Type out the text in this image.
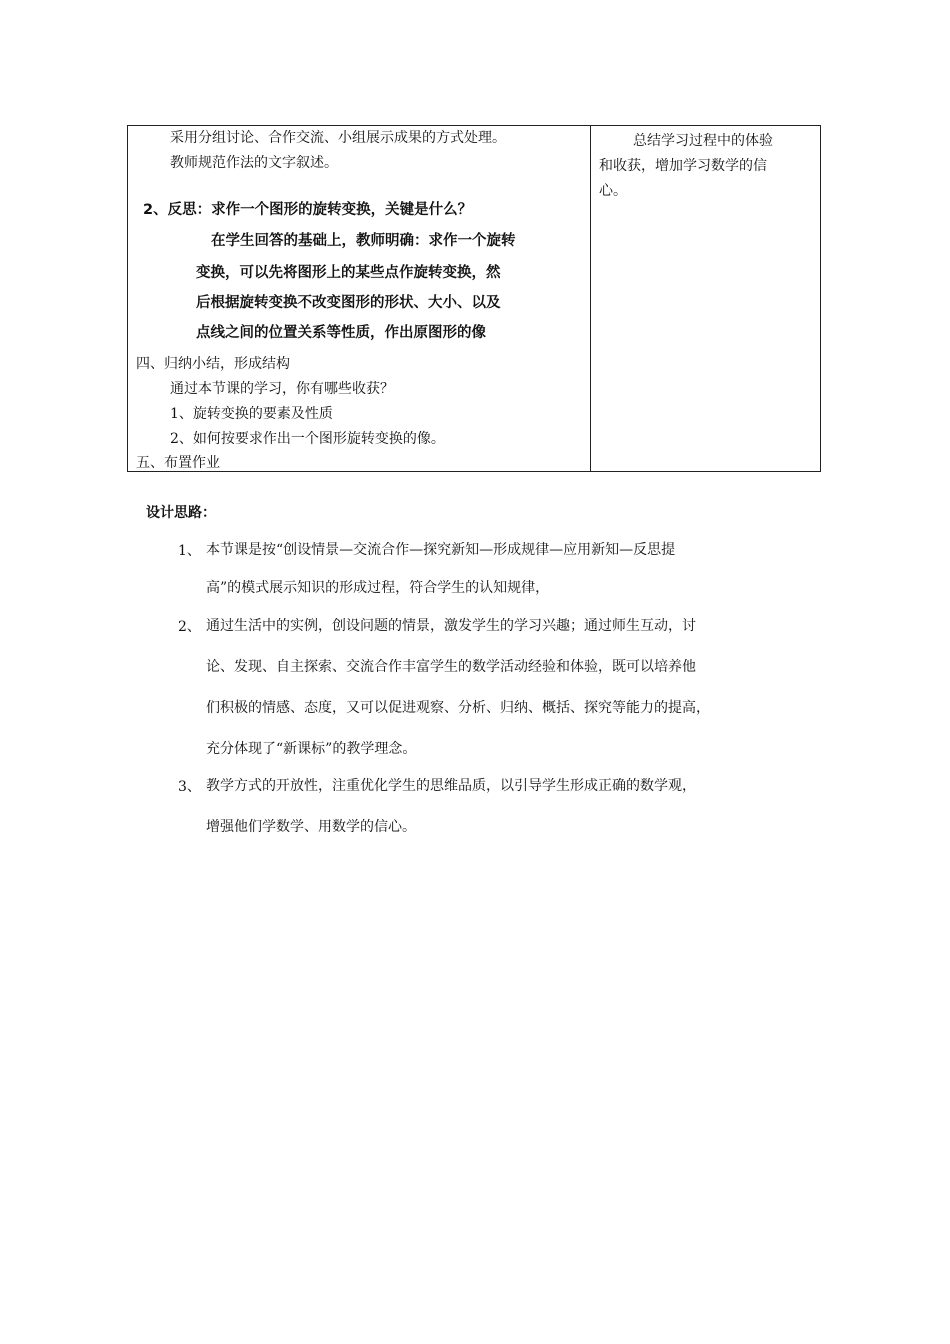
采用分组讨论、合作交流、小组展示成果的方式处理。
教师规范作法的文字叙述。
2、反思：求作一个图形的旋转变换，关键是什么？
在学生回答的基础上，教师明确：求作一个旋转
变换，可以先将图形上的某些点作旋转变换，然
后根据旋转变换不改变图形的形状、大小、以及
点线之间的位置关系等性质，作出原图形的像
四、归纳小结，形成结构
通过本节课的学习，你有哪些收获？
1、旋转变换的要素及性质
2、如何按要求作出一个图形旋转变换的像。
五、布置作业

总结学习过程中的体验

和收获，增加学习数学的信

心。

设计思路：
1、 本节课是按“创设情景—交流合作—探究新知—形成规律—应用新知—反思提
高”的模式展示知识的形成过程，符合学生的认知规律，
2、 通过生活中的实例，创设问题的情景，激发学生的学习兴趣；通过师生互动，讨
论、发现、自主探索、交流合作丰富学生的数学活动经验和体验，既可以培养他
们积极的情感、态度，又可以促进观察、分析、归纳、概括、探究等能力的提高，
充分体现了“新课标”的教学理念。
3、 教学方式的开放性，注重优化学生的思维品质，以引导学生形成正确的数学观，
增强他们学数学、用数学的信心。
